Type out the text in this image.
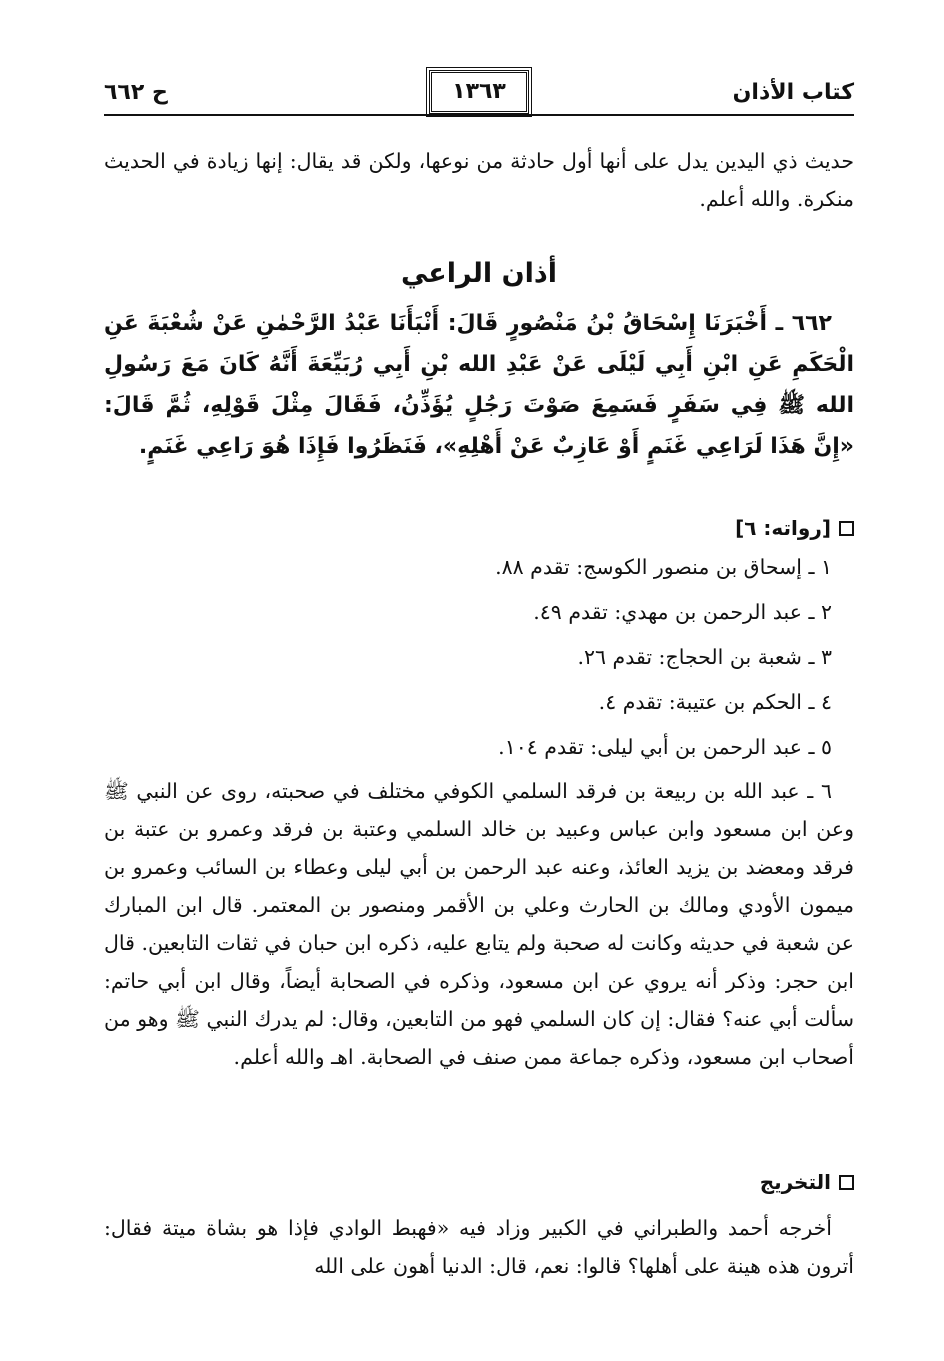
كتاب الأذان
١٣٦٣
ح ٦٦٢

حديث ذي اليدين يدل على أنها أول حادثة من نوعها، ولكن قد يقال: إنها زيادة في الحديث منكرة. والله أعلم.

أذان الراعي

٦٦٢ ـ أَخْبَرَنَا إِسْحَاقُ بْنُ مَنْصُورٍ قَالَ: أَنْبَأَنَا عَبْدُ الرَّحْمٰنِ عَنْ شُعْبَةَ عَنِ الْحَكَمِ عَنِ ابْنِ أَبِي لَيْلَى عَنْ عَبْدِ الله بْنِ أَبِي رُبَيِّعَةَ أَنَّهُ كَانَ مَعَ رَسُولِ الله ﷺ فِي سَفَرٍ فَسَمِعَ صَوْتَ رَجُلٍ يُؤَذِّنُ، فَقَالَ مِثْلَ قَوْلِهِ، ثُمَّ قَالَ: «إِنَّ هَذَا لَرَاعِي غَنَمٍ أَوْ عَازِبٌ عَنْ أَهْلِهِ»، فَنَظَرُوا فَإِذَا هُوَ رَاعِي غَنَمٍ.

[رواته: ٦]
١ ـ إسحاق بن منصور الكوسج: تقدم ٨٨.
٢ ـ عبد الرحمن بن مهدي: تقدم ٤٩.
٣ ـ شعبة بن الحجاج: تقدم ٢٦.
٤ ـ الحكم بن عتيبة: تقدم ٤.
٥ ـ عبد الرحمن بن أبي ليلى: تقدم ١٠٤.

٦ ـ عبد الله بن ربيعة بن فرقد السلمي الكوفي مختلف في صحبته، روى عن النبي ﷺ وعن ابن مسعود وابن عباس وعبيد بن خالد السلمي وعتبة بن فرقد وعمرو بن عتبة بن فرقد ومعضد بن يزيد العائذ، وعنه عبد الرحمن بن أبي ليلى وعطاء بن السائب وعمرو بن ميمون الأودي ومالك بن الحارث وعلي بن الأقمر ومنصور بن المعتمر. قال ابن المبارك عن شعبة في حديثه وكانت له صحبة ولم يتابع عليه، ذكره ابن حبان في ثقات التابعين. قال ابن حجر: وذكر أنه يروي عن ابن مسعود، وذكره في الصحابة أيضاً، وقال ابن أبي حاتم: سألت أبي عنه؟ فقال: إن كان السلمي فهو من التابعين، وقال: لم يدرك النبي ﷺ وهو من أصحاب ابن مسعود، وذكره جماعة ممن صنف في الصحابة. اهـ والله أعلم.

التخريج

أخرجه أحمد والطبراني في الكبير وزاد فيه «فهبط الوادي فإذا هو بشاة ميتة فقال: أترون هذه هينة على أهلها؟ قالوا: نعم، قال: الدنيا أهون على الله
